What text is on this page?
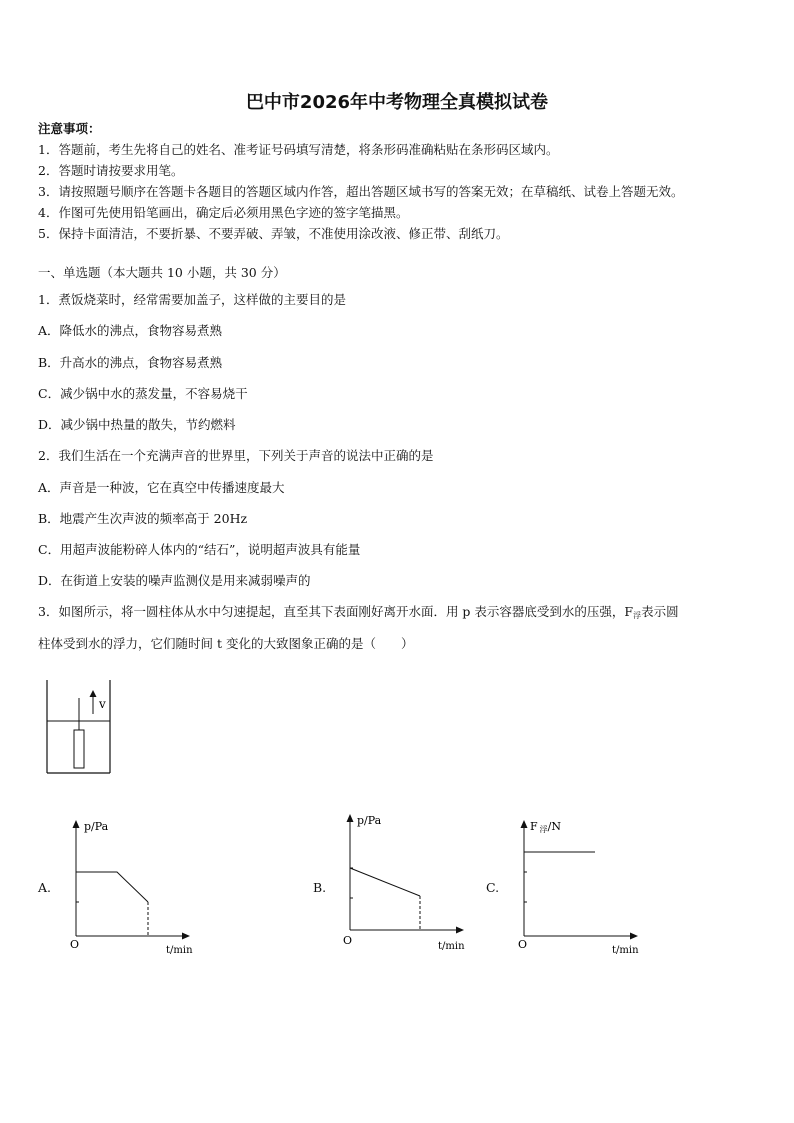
巴中市2026年中考物理全真模拟试卷
注意事项：
1．答题前，考生先将自己的姓名、准考证号码填写清楚，将条形码准确粘贴在条形码区域内。
2．答题时请按要求用笔。
3．请按照题号顺序在答题卡各题目的答题区域内作答，超出答题区域书写的答案无效；在草稿纸、试卷上答题无效。
4．作图可先使用铅笔画出，确定后必须用黑色字迹的签字笔描黑。
5．保持卡面清洁，不要折暴、不要弄破、弄皱，不准使用涂改液、修正带、刮纸刀。
一、单选题（本大题共 10 小题，共 30 分）
1．煮饭烧菜时，经常需要加盖子，这样做的主要目的是
A．降低水的沸点，食物容易煮熟
B．升高水的沸点，食物容易煮熟
C．减少锅中水的蒸发量，不容易烧干
D．减少锅中热量的散失，节约燃料
2．我们生活在一个充满声音的世界里，下列关于声音的说法中正确的是
A．声音是一种波，它在真空中传播速度最大
B．地震产生次声波的频率高于 20Hz
C．用超声波能粉碎人体内的“结石”，说明超声波具有能量
D．在街道上安装的噪声监测仪是用来减弱噪声的
3．如图所示，将一圆柱体从水中匀速提起，直至其下表面刚好离开水面．用 p 表示容器底受到水的压强，$F_浮$表示圆
柱体受到水的浮力，它们随时间 t 变化的大致图象正确的是（　　）
v
A.
p/Pa
t/min
O
B.
p/Pa
t/min
O
C.
F 浮/N
t/min
O
